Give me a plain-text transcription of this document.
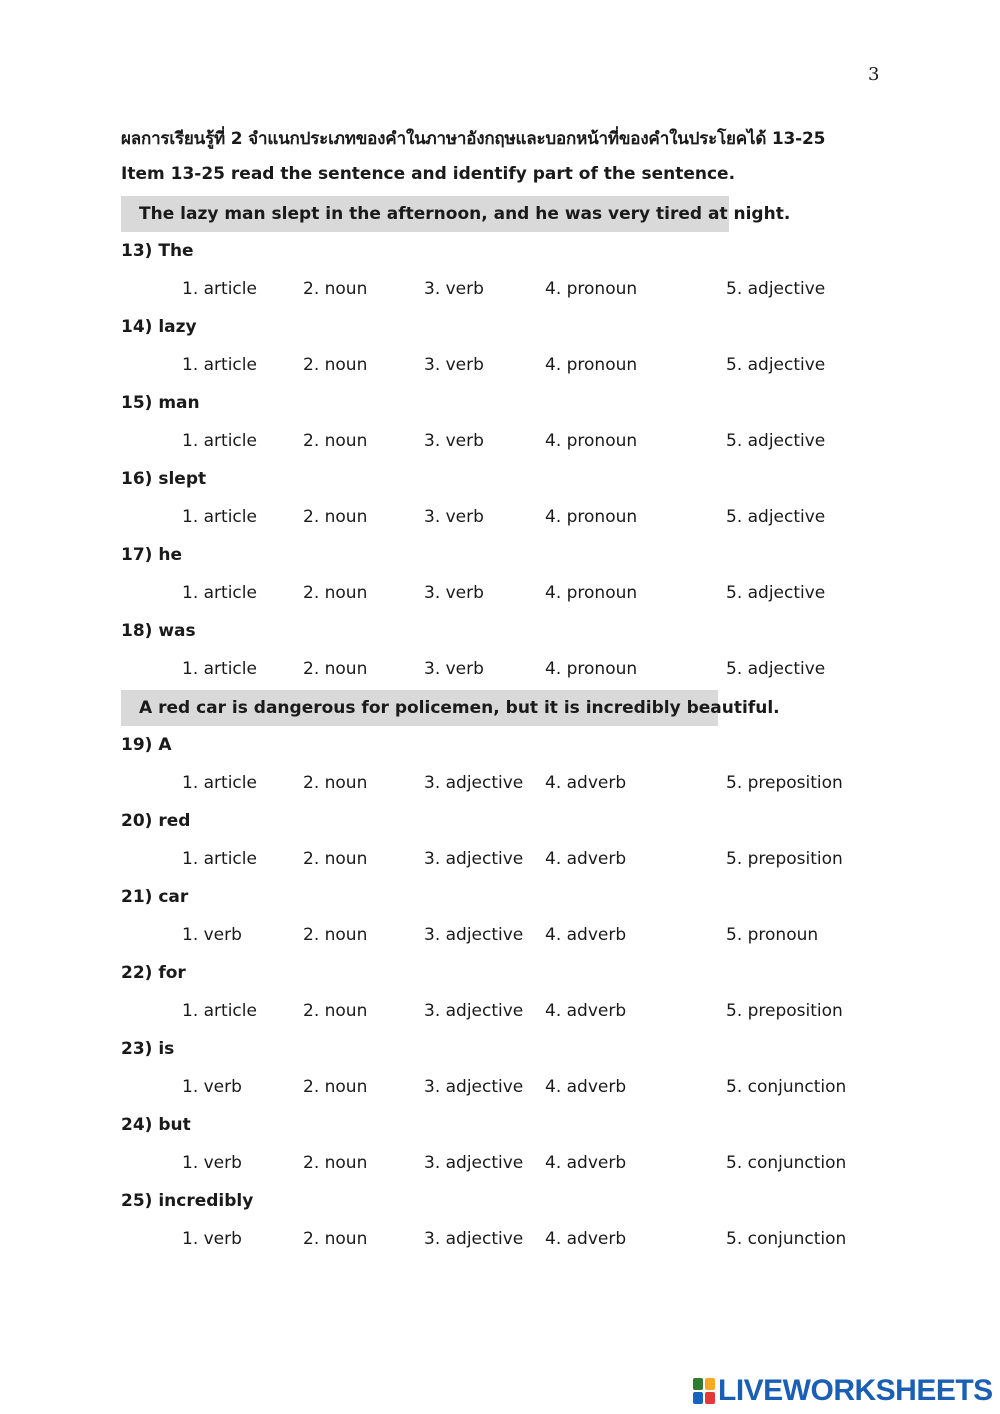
3
ผลการเรียนรู้ที่ 2 จำแนกประเภทของคำในภาษาอังกฤษและบอกหน้าที่ของคำในประโยคได้ 13-25
Item 13-25 read the sentence and identify part of the sentence.
The lazy man slept in the afternoon, and he was very tired at night.
13) The
1. article	2. noun	3. verb	4. pronoun	5. adjective
14) lazy
1. article	2. noun	3. verb	4. pronoun	5. adjective
15) man
1. article	2. noun	3. verb	4. pronoun	5. adjective
16) slept
1. article	2. noun	3. verb	4. pronoun	5. adjective
17) he
1. article	2. noun	3. verb	4. pronoun	5. adjective
18) was
1. article	2. noun	3. verb	4. pronoun	5. adjective
A red car is dangerous for policemen, but it is incredibly beautiful.
19) A
1. article	2. noun	3. adjective 4. adverb	5. preposition
20) red
1. article	2. noun	3. adjective 4. adverb	5. preposition
21) car
1. verb	2. noun	3. adjective 4. adverb	5. pronoun
22) for
1. article	2. noun	3. adjective 4. adverb	5. preposition
23) is
1. verb	2. noun	3. adjective 4. adverb	5. conjunction
24) but
1. verb	2. noun	3. adjective 4. adverb	5. conjunction
25) incredibly
1. verb	2. noun	3. adjective 4. adverb	5. conjunction
LIVEWORKSHEETS
